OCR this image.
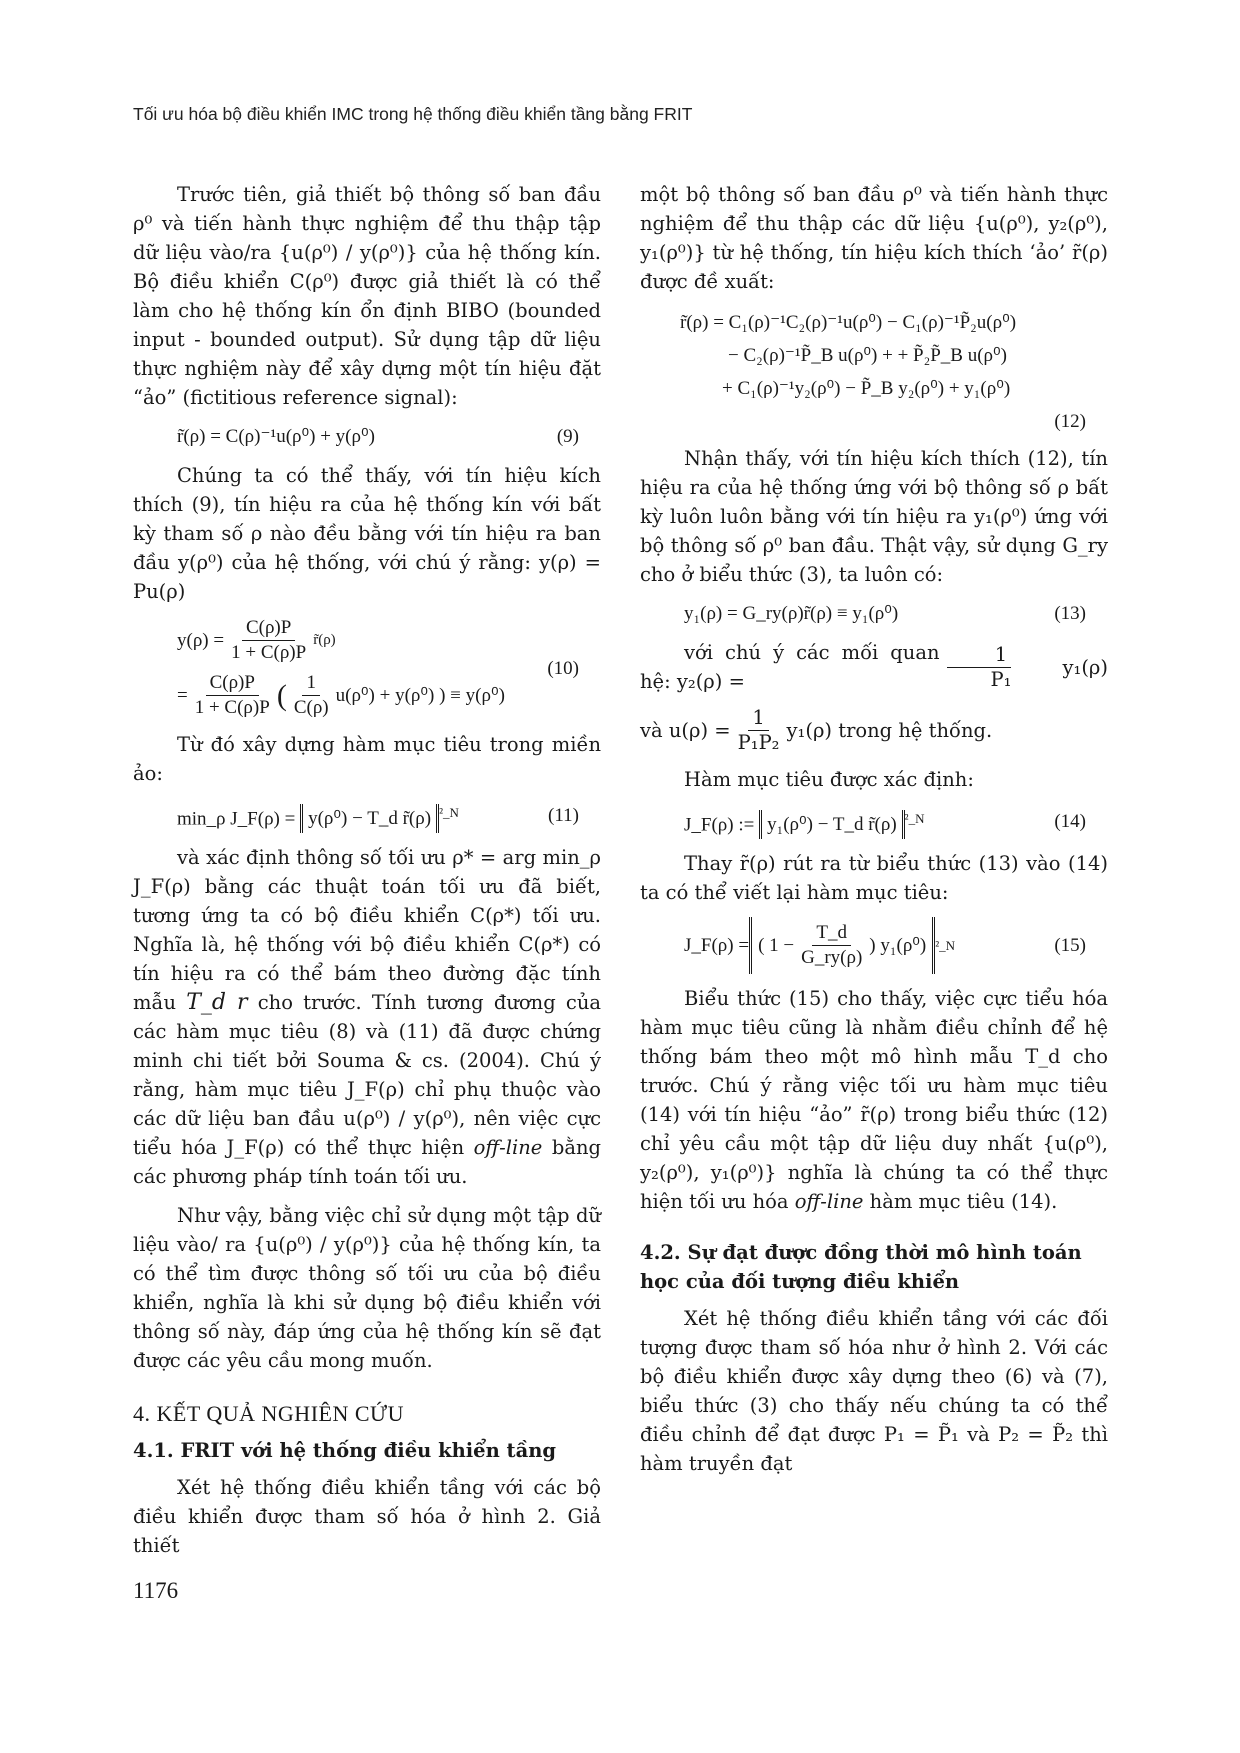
Tối ưu hóa bộ điều khiển IMC trong hệ thống điều khiển tầng bằng FRIT

Trước tiên, giả thiết bộ thông số ban đầu ρ⁰ và tiến hành thực nghiệm để thu thập tập dữ liệu vào/ra {u(ρ⁰) / y(ρ⁰)} của hệ thống kín. Bộ điều khiển C(ρ⁰) được giả thiết là có thể làm cho hệ thống kín ổn định BIBO (bounded input - bounded output). Sử dụng tập dữ liệu thực nghiệm này để xây dựng một tín hiệu đặt “ảo” (fictitious reference signal):

r̃(ρ) = C(ρ)⁻¹u(ρ⁰) + y(ρ⁰)	(9)

Chúng ta có thể thấy, với tín hiệu kích thích (9), tín hiệu ra của hệ thống kín với bất kỳ tham số ρ nào đều bằng với tín hiệu ra ban đầu y(ρ⁰) của hệ thống, với chú ý rằng: y(ρ) = Pu(ρ)

$y(\rho) = \frac{C(\rho)P}{1 + C(\rho)P}$ r̃(ρ)
= $\frac{C(\rho)P}{1 + C(\rho)P}$ ( $\frac{1}{C(\rho)} u(\rho^0) + y(\rho^0)$ ) ≡ y(ρ⁰)
(10)

Từ đó xây dựng hàm mục tiêu trong miền ảo:

min_ρ J_F(ρ) = y(ρ⁰) − T_d r̃(ρ) $^{^2\_N}$	(11)

và xác định thông số tối ưu ρ* = arg min_ρ J_F(ρ) bằng các thuật toán tối ưu đã biết, tương ứng ta có bộ điều khiển C(ρ*) tối ưu. Nghĩa là, hệ thống với bộ điều khiển C(ρ*) có tín hiệu ra có thể bám theo đường đặc tính mẫu T_d r cho trước. Tính tương đương của các hàm mục tiêu (8) và (11) đã được chứng minh chi tiết bởi Souma & cs. (2004). Chú ý rằng, hàm mục tiêu J_F(ρ) chỉ phụ thuộc vào các dữ liệu ban đầu u(ρ⁰) / y(ρ⁰), nên việc cực tiểu hóa J_F(ρ) có thể thực hiện off-line bằng các phương pháp tính toán tối ưu.

Như vậy, bằng việc chỉ sử dụng một tập dữ liệu vào/ ra {u(ρ⁰) / y(ρ⁰)} của hệ thống kín, ta có thể tìm được thông số tối ưu của bộ điều khiển, nghĩa là khi sử dụng bộ điều khiển với thông số này, đáp ứng của hệ thống kín sẽ đạt được các yêu cầu mong muốn.

4. KẾT QUẢ NGHIÊN CỨU
4.1. FRIT với hệ thống điều khiển tầng

Xét hệ thống điều khiển tầng với các bộ điều khiển được tham số hóa ở hình 2. Giả thiết

một bộ thông số ban đầu ρ⁰ và tiến hành thực nghiệm để thu thập các dữ liệu {u(ρ⁰), y₂(ρ⁰), y₁(ρ⁰)} từ hệ thống, tín hiệu kích thích ‘ảo’ r̃(ρ) được đề xuất:

r̃(ρ) = C₁(ρ)⁻¹C₂(ρ)⁻¹u(ρ⁰) − C₁(ρ)⁻¹P̃₂u(ρ⁰)
− C₂(ρ)⁻¹P̃_B u(ρ⁰) + + P̃₂P̃_B u(ρ⁰)
+ C₁(ρ)⁻¹y₂(ρ⁰) − P̃_B y₂(ρ⁰) + y₁(ρ⁰)
(12)

Nhận thấy, với tín hiệu kích thích (12), tín hiệu ra của hệ thống ứng với bộ thông số ρ bất kỳ luôn luôn bằng với tín hiệu ra y₁(ρ⁰) ứng với bộ thông số ρ⁰ ban đầu. Thật vậy, sử dụng G_ry cho ở biểu thức (3), ta luôn có:

y₁(ρ) = G_ry(ρ)r̃(ρ) ≡ y₁(ρ⁰)	(13)

với chú ý các mối quan hệ: y₂(ρ) =	$\frac{1}{\text{P₁}}$	y₁(ρ)

và $u(\rho) = \frac{1}{\text{P₁P₂}} y_1(\rho)$ trong hệ thống.

Hàm mục tiêu được xác định:

J_F(ρ) := y₁(ρ⁰) − T_d r̃(ρ) $^{^2\_N}$	(14)

Thay r̃(ρ) rút ra từ biểu thức (13) vào (14) ta có thể viết lại hàm mục tiêu:

J_F(ρ) = ( $1 - \frac{T\_d}{G\_ry(\rho)}$ ) y₁(ρ⁰) ²_N	(15)

Biểu thức (15) cho thấy, việc cực tiểu hóa hàm mục tiêu cũng là nhằm điều chỉnh để hệ thống bám theo một mô hình mẫu T_d cho trước. Chú ý rằng việc tối ưu hàm mục tiêu (14) với tín hiệu “ảo” r̃(ρ) trong biểu thức (12) chỉ yêu cầu một tập dữ liệu duy nhất {u(ρ⁰), y₂(ρ⁰), y₁(ρ⁰)} nghĩa là chúng ta có thể thực hiện tối ưu hóa off-line hàm mục tiêu (14).

4.2. Sự đạt được đồng thời mô hình toán học của đối tượng điều khiển

Xét hệ thống điều khiển tầng với các đối tượng được tham số hóa như ở hình 2. Với các bộ điều khiển được xây dựng theo (6) và (7), biểu thức (3) cho thấy nếu chúng ta có thể điều chỉnh để đạt được P₁ = P̃₁ và P₂ = P̃₂ thì hàm truyền đạt

1176
